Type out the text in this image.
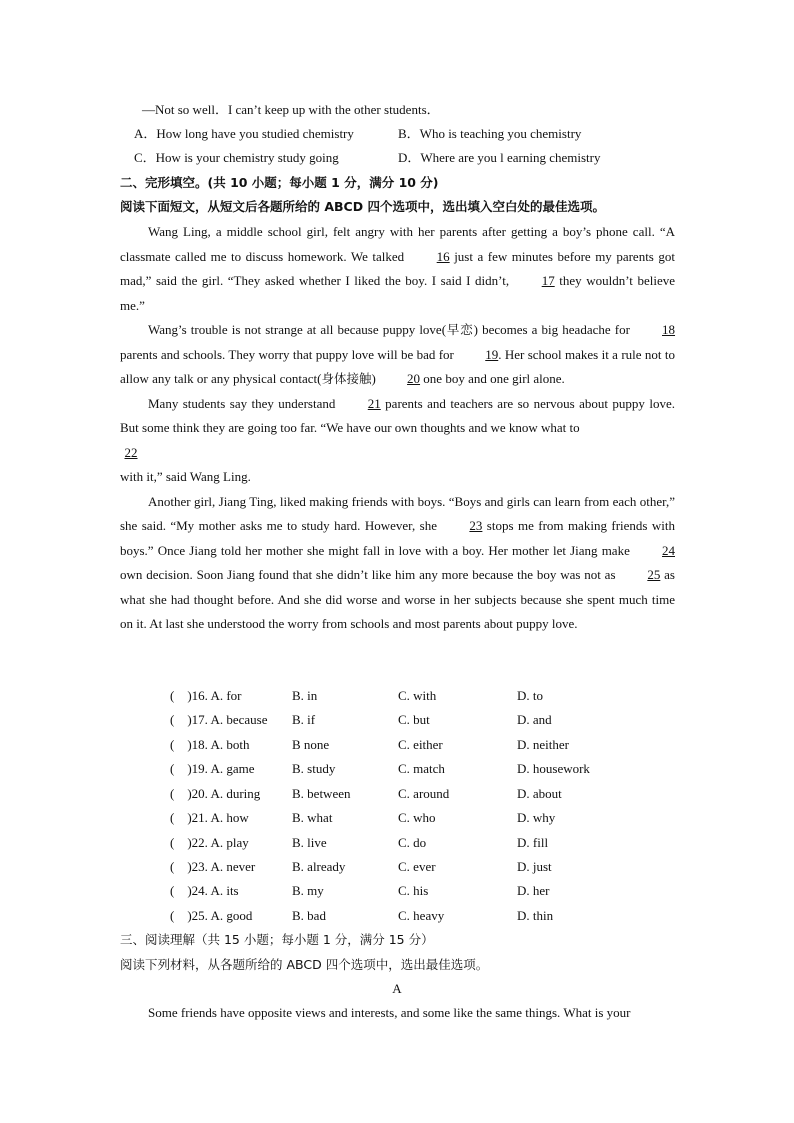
—Not so well．I can’t keep up with the other students．
A．How long have you studied chemistry	B．Who is teaching you chemistry
C．How is your chemistry study going	D．Where are you l earning chemistry
二、完形填空。(共 10 小题；每小题 1 分，满分 10 分)
阅读下面短文，从短文后各题所给的 ABCD 四个选项中，选出填入空白处的最佳选项。

Wang Ling, a middle school girl, felt angry with her parents after getting a boy’s phone call. “A classmate called me to discuss homework. We talked 16 just a few minutes before my parents got mad,” said the girl. “They asked whether I liked the boy. I said I didn’t, 17 they wouldn’t believe me.”

Wang’s trouble is not strange at all because puppy love(早恋) becomes a big headache for 18 parents and schools. They worry that puppy love will be bad for 19. Her school makes it a rule not to allow any talk or any physical contact(身体接触) 20 one boy and one girl alone.

Many students say they understand 21 parents and teachers are so nervous about puppy love. But some think they are going too far. “We have our own thoughts and we know what to

22
with it,” said Wang Ling.

Another girl, Jiang Ting, liked making friends with boys. “Boys and girls can learn from each other,” she said. “My mother asks me to study hard. However, she 23 stops me from making friends with boys.” Once Jiang told her mother she might fall in love with a boy. Her mother let Jiang make 24 own decision. Soon Jiang found that she didn’t like him any more because the boy was not as 25 as what she had thought before. And she did worse and worse in her subjects because she spent much time on it. At last she understood the worry from schools and most parents about puppy love.

(　)16. A. for	B. in	C. with	D. to
(　)17. A. because B. if	C. but	D. and
(　)18. A. both	B none	C. either	D. neither
(　)19. A. game	B. study	C. match	D. housework
(　)20. A. during B. between	C. around	D. about
(　)21. A. how	B. what	C. who	D. why
(　)22. A. play	B. live	C. do	D. fill
(　)23. A. never	B. already	C. ever	D. just
(　)24. A. its	B. my	C. his	D. her
(　)25. A. good	B. bad	C. heavy	D. thin
三、阅读理解（共 15 小题；每小题 1 分，满分 15 分）
阅读下列材料，从各题所给的 ABCD 四个选项中，选出最佳选项。
A
Some friends have opposite views and interests, and some like the same things. What is your
